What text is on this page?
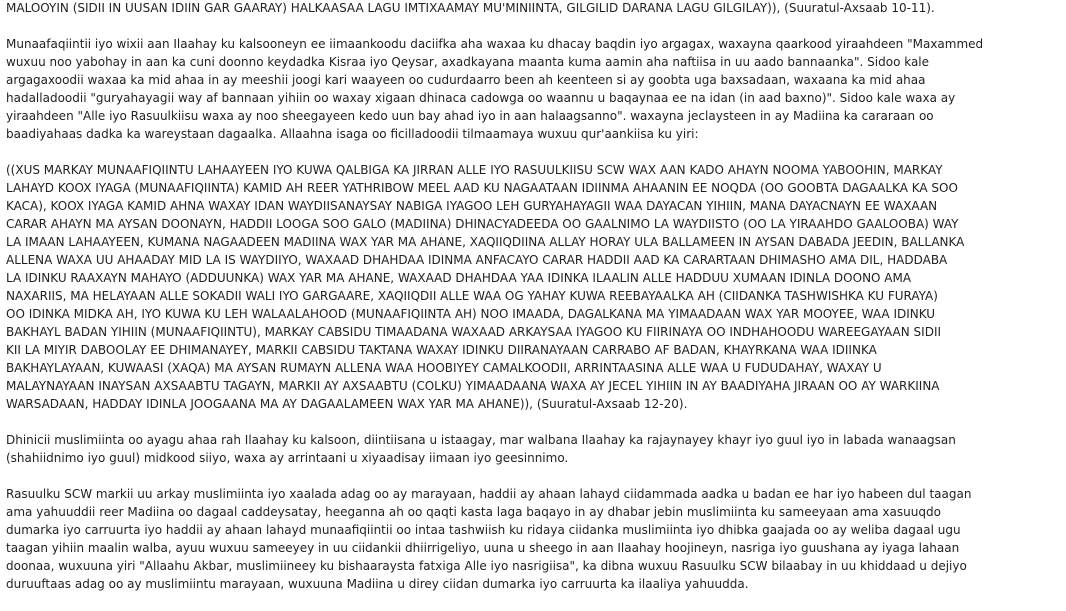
MALOOYIN (SIDII IN UUSAN IDIIN GAR GAARAY) HALKAASAA LAGU IMTIXAAMAY MU'MINIINTA, GILGILID DARANA LAGU GILGILAY)), (Suuratul-Axsaab 10-11).

Munaafaqiintii iyo wixii aan Ilaahay ku kalsooneyn ee iimaankoodu daciifka aha waxaa ku dhacay baqdin iyo argagax, waxayna qaarkood yiraahdeen "Maxammed
wuxuu noo yabohay in aan ka cuni doonno keydadka Kisraa iyo Qeysar, axadkayana maanta kuma aamin aha naftiisa in uu aado bannaanka". Sidoo kale
argagaxoodii waxaa ka mid ahaa in ay meeshii joogi kari waayeen oo cudurdaarro been ah keenteen si ay goobta uga baxsadaan, waxaana ka mid ahaa
hadalladoodii "guryahayagii way af bannaan yihiin oo waxay xigaan dhinaca cadowga oo waannu u baqaynaa ee na idan (in aad baxno)". Sidoo kale waxa ay
yiraahdeen "Alle iyo Rasuulkiisu waxa ay noo sheegayeen kedo uun bay ahad iyo in aan halaagsanno". waxayna jeclaysteen in ay Madiina ka cararaan oo
baadiyahaas dadka ka wareystaan dagaalka. Allaahna isaga oo ficilladoodii tilmaamaya wuxuu qur'aankiisa ku yiri:

((XUS MARKAY MUNAAFIQIINTU LAHAAYEEN IYO KUWA QALBIGA KA JIRRAN ALLE IYO RASUULKIISU SCW WAX AAN KADO AHAYN NOOMA YABOOHIN, MARKAY
LAHAYD KOOX IYAGA (MUNAAFIQIINTA) KAMID AH REER YATHRIBOW MEEL AAD KU NAGAATAAN IDIINMA AHAANIN EE NOQDA (OO GOOBTA DAGAALKA KA SOO
KACA), KOOX IYAGA KAMID AHNA WAXAY IDAN WAYDIISANAYSAY NABIGA IYAGOO LEH GURYAHAYAGII WAA DAYACAN YIHIIN, MANA DAYACNAYN EE WAXAAN
CARAR AHAYN MA AYSAN DOONAYN, HADDII LOOGA SOO GALO (MADIINA) DHINACYADEEDA OO GAALNIMO LA WAYDIISTO (OO LA YIRAAHDO GAALOOBA) WAY
LA IMAAN LAHAAYEEN, KUMANA NAGAADEEN MADIINA WAX YAR MA AHANE, XAQIIQDIINA ALLAY HORAY ULA BALLAMEEN IN AYSAN DABADA JEEDIN, BALLANKA
ALLENA WAXA UU AHAADAY MID LA IS WAYDIIYO, WAXAAD DHAHDAA IDINMA ANFACAYO CARAR HADDII AAD KA CARARTAAN DHIMASHO AMA DIL, HADDABA
LA IDINKU RAAXAYN MAHAYO (ADDUUNKA) WAX YAR MA AHANE, WAXAAD DHAHDAA YAA IDINKA ILAALIN ALLE HADDUU XUMAAN IDINLA DOONO AMA
NAXARIIS, MA HELAYAAN ALLE SOKADII WALI IYO GARGAARE, XAQIIQDII ALLE WAA OG YAHAY KUWA REEBAYAALKA AH (CIIDANKA TASHWISHKA KU FURAYA)
OO IDINKA MIDKA AH, IYO KUWA KU LEH WALAALAHOOD (MUNAAFIQIINTA AH) NOO IMAADA, DAGALKANA MA YIMAADAAN WAX YAR MOOYEE, WAA IDINKU
BAKHAYL BADAN YIHIIN (MUNAAFIQIINTU), MARKAY CABSIDU TIMAADANA WAXAAD ARKAYSAA IYAGOO KU FIIRINAYA OO INDHAHOODU WAREEGAYAAN SIDII
KII LA MIYIR DABOOLAY EE DHIMANAYEY, MARKII CABSIDU TAKTANA WAXAY IDINKU DIIRANAYAAN CARRABO AF BADAN, KHAYRKANA WAA IDIINKA
BAKHAYLAYAAN, KUWAASI (XAQA) MA AYSAN RUMAYN ALLENA WAA HOOBIYEY CAMALKOODII, ARRINTAASINA ALLE WAA U FUDUDAHAY, WAXAY U
MALAYNAYAAN INAYSAN AXSAABTU TAGAYN, MARKII AY AXSAABTU (COLKU) YIMAADAANA WAXA AY JECEL YIHIIN IN AY BAADIYAHA JIRAAN OO AY WARKIINA
WARSADAAN, HADDAY IDINLA JOOGAANA MA AY DAGAALAMEEN WAX YAR MA AHANE)), (Suuratul-Axsaab 12-20).

Dhinicii muslimiinta oo ayagu ahaa rah Ilaahay ku kalsoon, diintiisana u istaagay, mar walbana Ilaahay ka rajaynayey khayr iyo guul iyo in labada wanaagsan
(shahiidnimo iyo guul) midkood siiyo, waxa ay arrintaani u xiyaadisay iimaan iyo geesinnimo.

Rasuulku SCW markii uu arkay muslimiinta iyo xaalada adag oo ay marayaan, haddii ay ahaan lahayd ciidammada aadka u badan ee har iyo habeen dul taagan
ama yahuuddii reer Madiina oo dagaal caddeysatay, heeganna ah oo qaqti kasta laga baqayo in ay dhabar jebin muslimiinta ku sameeyaan ama xasuuqdo
dumarka iyo carruurta iyo haddii ay ahaan lahayd munaafiqiintii oo intaa tashwiish ku ridaya ciidanka muslimiinta iyo dhibka gaajada oo ay weliba dagaal ugu
taagan yihiin maalin walba, ayuu wuxuu sameeyey in uu ciidankii dhiirrigeliyo, uuna u sheego in aan Ilaahay hoojineyn, nasriga iyo guushana ay iyaga lahaan
doonaa, wuxuuna yiri "Allaahu Akbar, muslimiineey ku bishaaraysta fatxiga Alle iyo nasrigiisa", ka dibna wuxuu Rasuulku SCW bilaabay in uu khiddaad u dejiyo
duruuftaas adag oo ay muslimiintu marayaan, wuxuuna Madiina u direy ciidan dumarka iyo carruurta ka ilaaliya yahuudda.
